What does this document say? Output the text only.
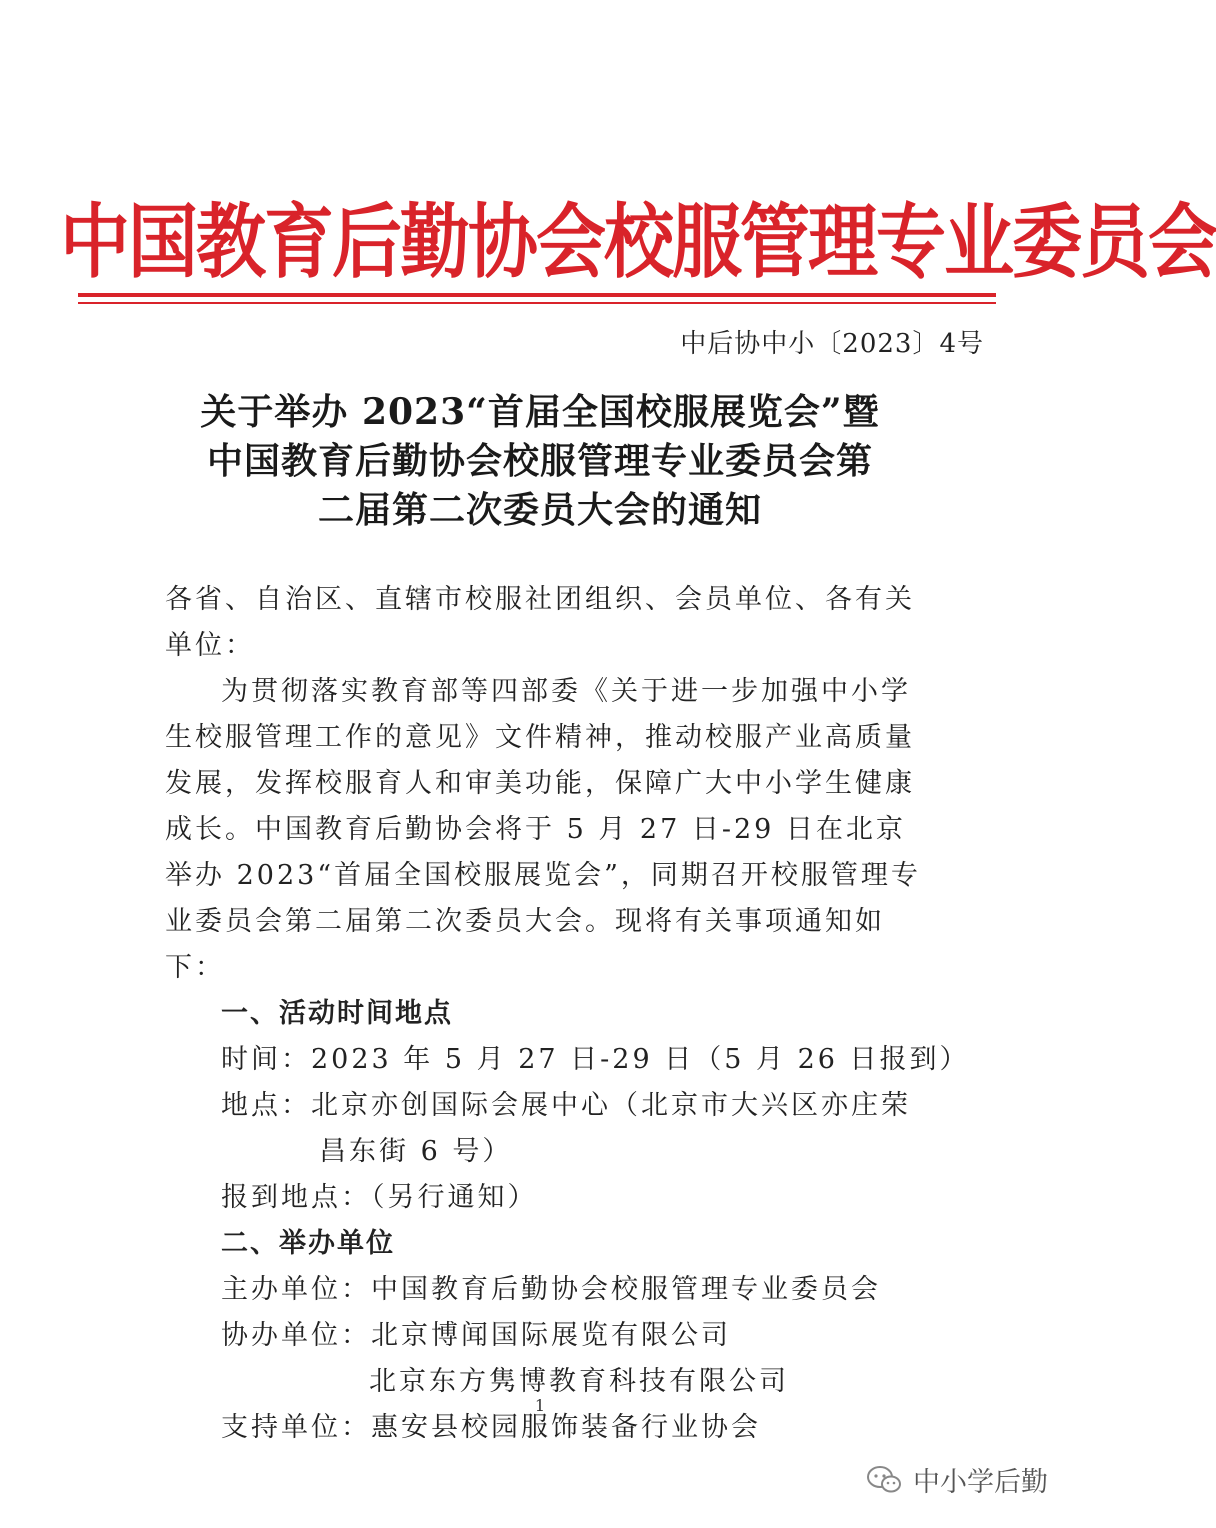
中国教育后勤协会校服管理专业委员会
中后协中小〔2023〕4号
关于举办 2023“首届全国校服展览会”暨
中国教育后勤协会校服管理专业委员会第
二届第二次委员大会的通知

各省、自治区、直辖市校服社团组织、会员单位、各有关单位：

为贯彻落实教育部等四部委《关于进一步加强中小学生校服管理工作的意见》文件精神，推动校服产业高质量发展，发挥校服育人和审美功能，保障广大中小学生健康成长。中国教育后勤协会将于 5 月 27 日-29 日在北京举办 2023“首届全国校服展览会”，同期召开校服管理专业委员会第二届第二次委员大会。现将有关事项通知如下：

一、活动时间地点

时间：2023 年 5 月 27 日-29 日（5 月 26 日报到）

地点：北京亦创国际会展中心（北京市大兴区亦庄荣

昌东街 6 号）

报到地点：（另行通知）

二、举办单位

主办单位：中国教育后勤协会校服管理专业委员会

协办单位：北京博闻国际展览有限公司

北京东方隽博教育科技有限公司

支持单位：惠安县校园服饰装备行业协会

1
中小学后勤
